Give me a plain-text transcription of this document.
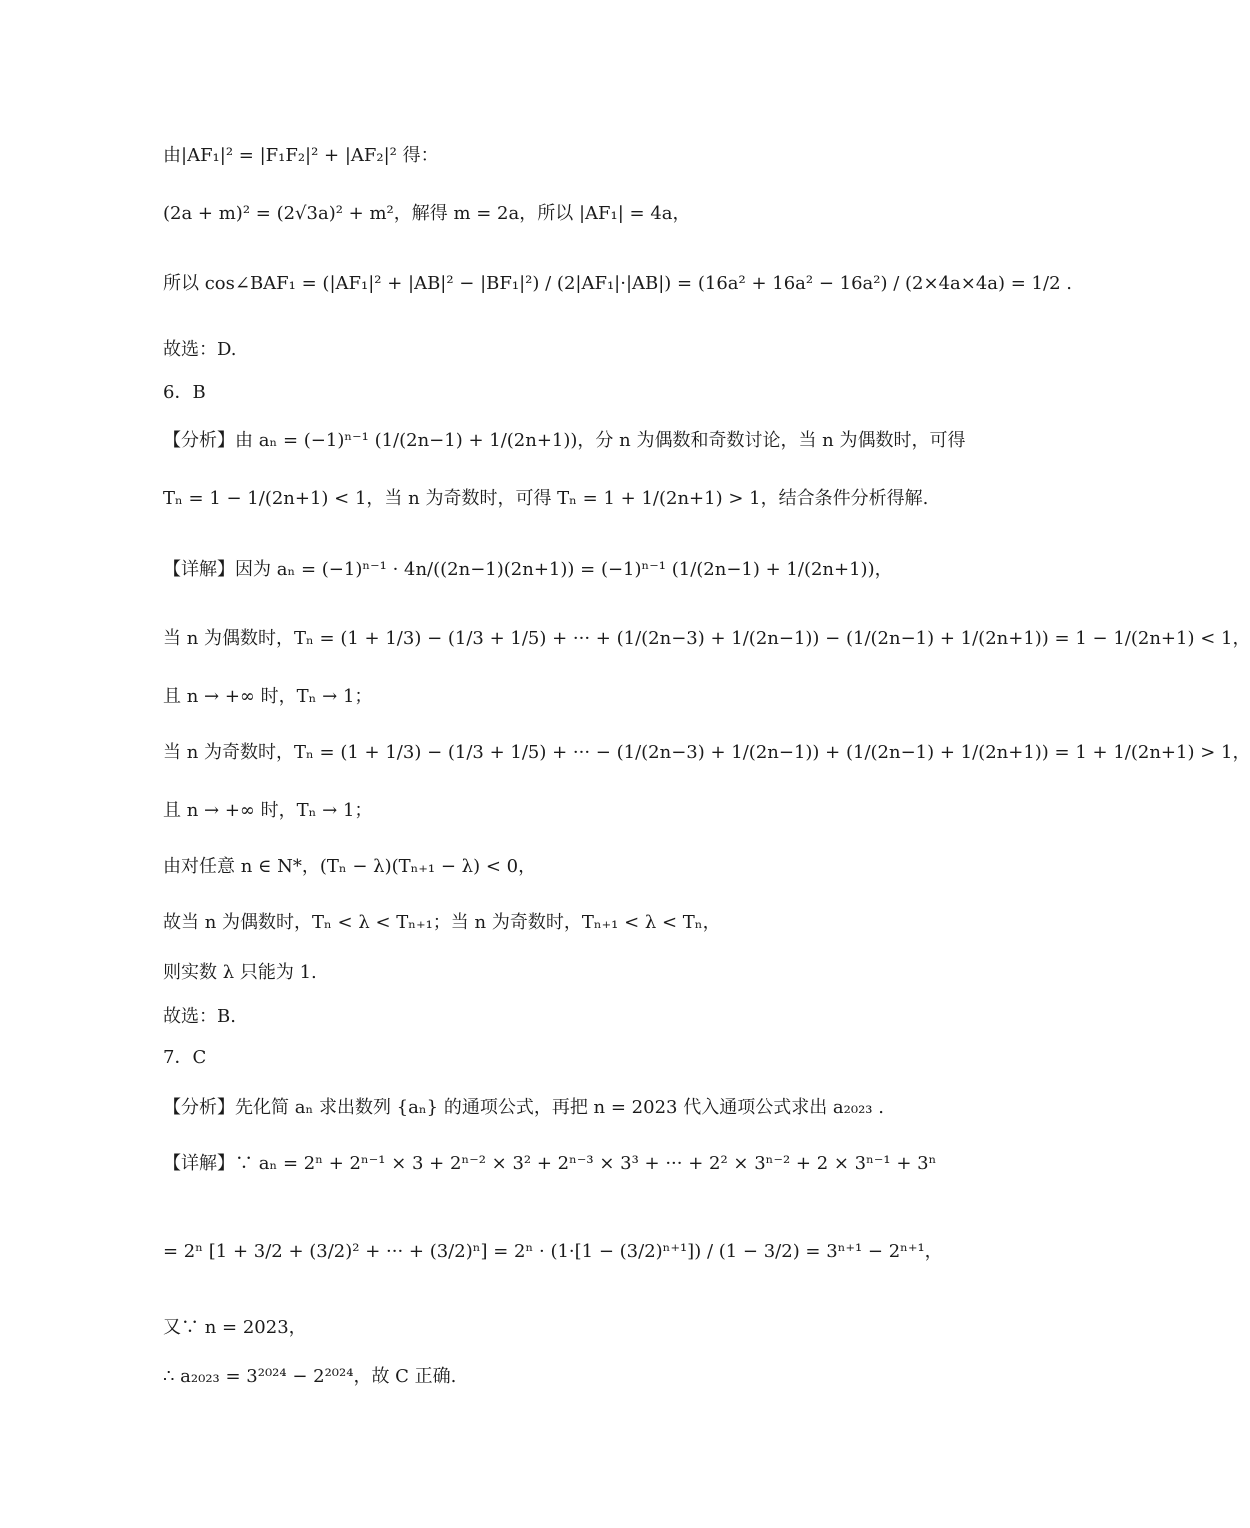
由|AF₁|² = |F₁F₂|² + |AF₂|² 得：
(2a + m)² = (2√3a)² + m²，解得 m = 2a，所以 |AF₁| = 4a，
所以 cos∠BAF₁ = (|AF₁|² + |AB|² − |BF₁|²) / (2|AF₁|·|AB|) = (16a² + 16a² − 16a²) / (2×4a×4a) = 1/2 .
故选：D.
6．B
【分析】由 aₙ = (−1)ⁿ⁻¹ (1/(2n−1) + 1/(2n+1))，分 n 为偶数和奇数讨论，当 n 为偶数时，可得
Tₙ = 1 − 1/(2n+1) < 1，当 n 为奇数时，可得 Tₙ = 1 + 1/(2n+1) > 1，结合条件分析得解.
【详解】因为 aₙ = (−1)ⁿ⁻¹ · 4n/((2n−1)(2n+1)) = (−1)ⁿ⁻¹ (1/(2n−1) + 1/(2n+1))，
当 n 为偶数时，Tₙ = (1 + 1/3) − (1/3 + 1/5) + ··· + (1/(2n−3) + 1/(2n−1)) − (1/(2n−1) + 1/(2n+1)) = 1 − 1/(2n+1) < 1，
且 n → +∞ 时，Tₙ → 1；
当 n 为奇数时，Tₙ = (1 + 1/3) − (1/3 + 1/5) + ··· − (1/(2n−3) + 1/(2n−1)) + (1/(2n−1) + 1/(2n+1)) = 1 + 1/(2n+1) > 1，
且 n → +∞ 时，Tₙ → 1；
由对任意 n ∈ N*，(Tₙ − λ)(Tₙ₊₁ − λ) < 0，
故当 n 为偶数时，Tₙ < λ < Tₙ₊₁；当 n 为奇数时，Tₙ₊₁ < λ < Tₙ，
则实数 λ 只能为 1.
故选：B.
7．C
【分析】先化简 aₙ 求出数列 {aₙ} 的通项公式，再把 n = 2023 代入通项公式求出 a₂₀₂₃ .
【详解】∵ aₙ = 2ⁿ + 2ⁿ⁻¹ × 3 + 2ⁿ⁻² × 3² + 2ⁿ⁻³ × 3³ + ··· + 2² × 3ⁿ⁻² + 2 × 3ⁿ⁻¹ + 3ⁿ
= 2ⁿ [1 + 3/2 + (3/2)² + ··· + (3/2)ⁿ] = 2ⁿ · (1·[1 − (3/2)ⁿ⁺¹]) / (1 − 3/2) = 3ⁿ⁺¹ − 2ⁿ⁺¹，
又∵ n = 2023，
∴ a₂₀₂₃ = 3²⁰²⁴ − 2²⁰²⁴，故 C 正确.
